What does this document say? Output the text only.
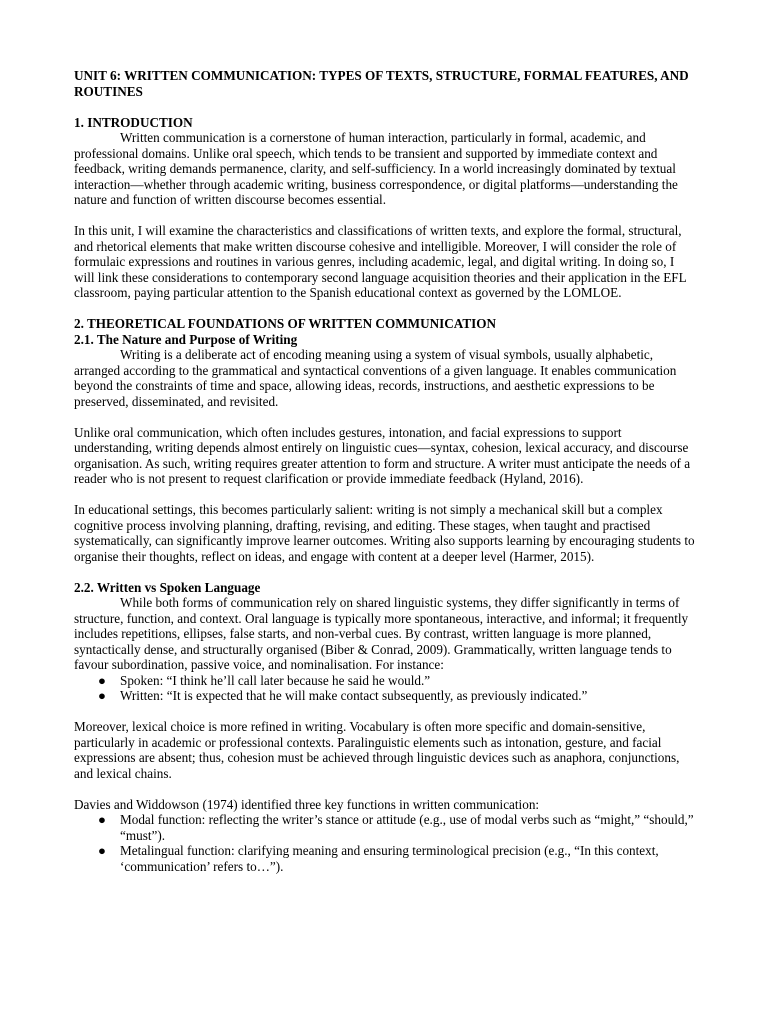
UNIT 6: WRITTEN COMMUNICATION: TYPES OF TEXTS, STRUCTURE, FORMAL FEATURES, AND ROUTINES

1. INTRODUCTION

Written communication is a cornerstone of human interaction, particularly in formal, academic, and professional domains. Unlike oral speech, which tends to be transient and supported by immediate context and feedback, writing demands permanence, clarity, and self-sufficiency. In a world increasingly dominated by textual interaction—whether through academic writing, business correspondence, or digital platforms—understanding the nature and function of written discourse becomes essential.

In this unit, I will examine the characteristics and classifications of written texts, and explore the formal, structural, and rhetorical elements that make written discourse cohesive and intelligible. Moreover, I will consider the role of formulaic expressions and routines in various genres, including academic, legal, and digital writing. In doing so, I will link these considerations to contemporary second language acquisition theories and their application in the EFL classroom, paying particular attention to the Spanish educational context as governed by the LOMLOE.

2. THEORETICAL FOUNDATIONS OF WRITTEN COMMUNICATION
2.1. The Nature and Purpose of Writing

Writing is a deliberate act of encoding meaning using a system of visual symbols, usually alphabetic, arranged according to the grammatical and syntactical conventions of a given language. It enables communication beyond the constraints of time and space, allowing ideas, records, instructions, and aesthetic expressions to be preserved, disseminated, and revisited.

Unlike oral communication, which often includes gestures, intonation, and facial expressions to support understanding, writing depends almost entirely on linguistic cues—syntax, cohesion, lexical accuracy, and discourse organisation. As such, writing requires greater attention to form and structure. A writer must anticipate the needs of a reader who is not present to request clarification or provide immediate feedback (Hyland, 2016).

In educational settings, this becomes particularly salient: writing is not simply a mechanical skill but a complex cognitive process involving planning, drafting, revising, and editing. These stages, when taught and practised systematically, can significantly improve learner outcomes. Writing also supports learning by encouraging students to organise their thoughts, reflect on ideas, and engage with content at a deeper level (Harmer, 2015).

2.2. Written vs Spoken Language

While both forms of communication rely on shared linguistic systems, they differ significantly in terms of structure, function, and context. Oral language is typically more spontaneous, interactive, and informal; it frequently includes repetitions, ellipses, false starts, and non-verbal cues. By contrast, written language is more planned, syntactically dense, and structurally organised (Biber & Conrad, 2009). Grammatically, written language tends to favour subordination, passive voice, and nominalisation. For instance:

● Spoken: “I think he’ll call later because he said he would.”
● Written: “It is expected that he will make contact subsequently, as previously indicated.”

Moreover, lexical choice is more refined in writing. Vocabulary is often more specific and domain-sensitive, particularly in academic or professional contexts. Paralinguistic elements such as intonation, gesture, and facial expressions are absent; thus, cohesion must be achieved through linguistic devices such as anaphora, conjunctions, and lexical chains.

Davies and Widdowson (1974) identified three key functions in written communication:

● Modal function: reflecting the writer’s stance or attitude (e.g., use of modal verbs such as “might,” “should,” “must”).
● Metalingual function: clarifying meaning and ensuring terminological precision (e.g., “In this context, ‘communication’ refers to…”).
